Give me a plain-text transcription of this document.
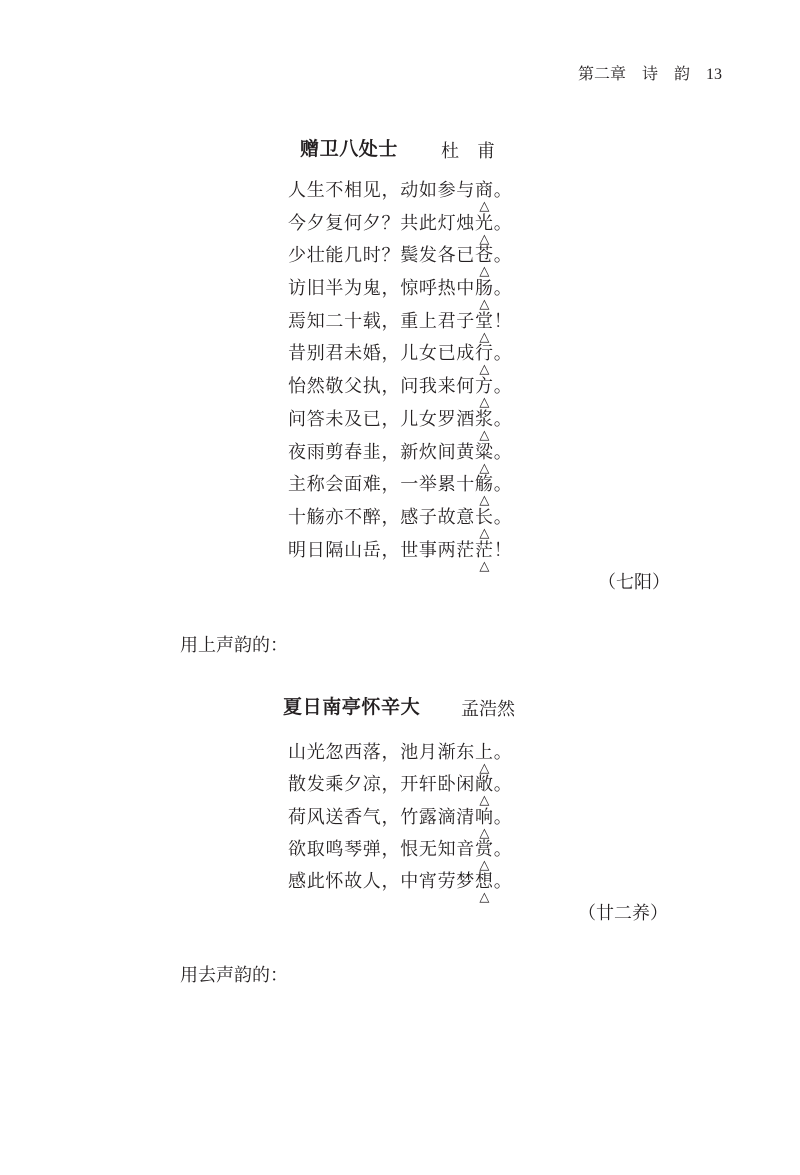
第二章　诗　韵 13
赠卫八处士 杜　甫
人生不相见，动如参与商
△
。
今夕复何夕？共此灯烛光
△
。
少壮能几时？鬓发各已苍
△
。
访旧半为鬼，惊呼热中肠
△
。
焉知二十载，重上君子堂
△
！
昔别君未婚，儿女已成行
△
。
怡然敬父执，问我来何方
△
。
问答未及已，儿女罗酒浆
△
。
夜雨剪春韭，新炊间黄粱
△
。
主称会面难，一举累十觞
△
。
十觞亦不醉，感子故意长
△
。
明日隔山岳，世事两茫茫
△
！
（七阳）
用上声韵的：
夏日南亭怀辛大 孟浩然
山光忽西落，池月渐东上
△
。
散发乘夕凉，开轩卧闲敞
△
。
荷风送香气，竹露滴清响
△
。
欲取鸣琴弹，恨无知音赏
△
。
感此怀故人，中宵劳梦想
△
。
（廿二养）
用去声韵的：
